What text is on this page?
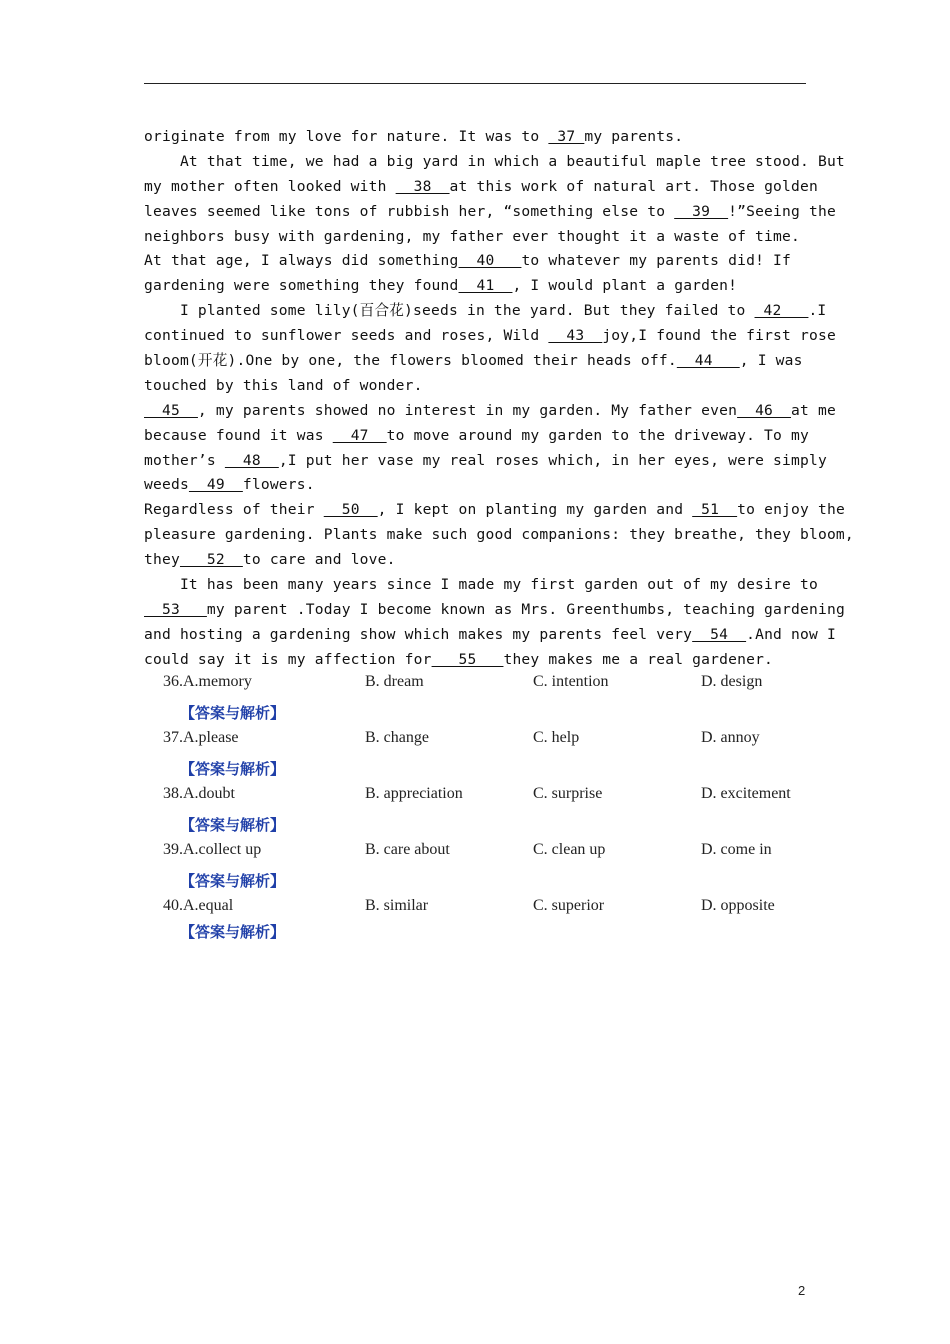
originate from my love for nature. It was to  37 my parents.
At that time, we had a big yard in which a beautiful maple tree stood. But
my mother often looked with   38  at this work of natural art. Those golden
leaves seemed like tons of rubbish her, “something else to   39  !”Seeing the
neighbors busy with gardening, my father ever thought it a waste of time.
At that age, I always did something  40   to whatever my parents did! If
gardening were something they found  41  , I would plant a garden!
I planted some lily(百合花)seeds in the yard. But they failed to  42   .I
continued to sunflower seeds and roses, Wild   43  joy,I found the first rose
bloom(开花).One by one, the flowers bloomed their heads off.  44   , I was
touched by this land of wonder.
45  , my parents showed no interest in my garden. My father even  46  at me
because found it was   47  to move around my garden to the driveway. To my
mother’s   48  ,I put her vase my real roses which, in her eyes, were simply
weeds  49  flowers.
Regardless of their   50  , I kept on planting my garden and  51  to enjoy the
pleasure gardening. Plants make such good companions: they breathe, they bloom,
they   52  to care and love.
It has been many years since I made my first garden out of my desire to
53   my parent .Today I become known as Mrs. Greenthumbs, teaching gardening
and hosting a gardening show which makes my parents feel very  54  .And now I
could say it is my affection for   55   they makes me a real gardener.
36.A.memory	B. dream	C. intention	D. design
【答案与解析】
37.A.please	B. change	C. help	D. annoy
【答案与解析】
38.A.doubt	B. appreciation	C. surprise	D. excitement
【答案与解析】
39.A.collect up	B. care about	C. clean up	D. come in
【答案与解析】
40.A.equal	B. similar	C. superior	D. opposite
【答案与解析】
2
